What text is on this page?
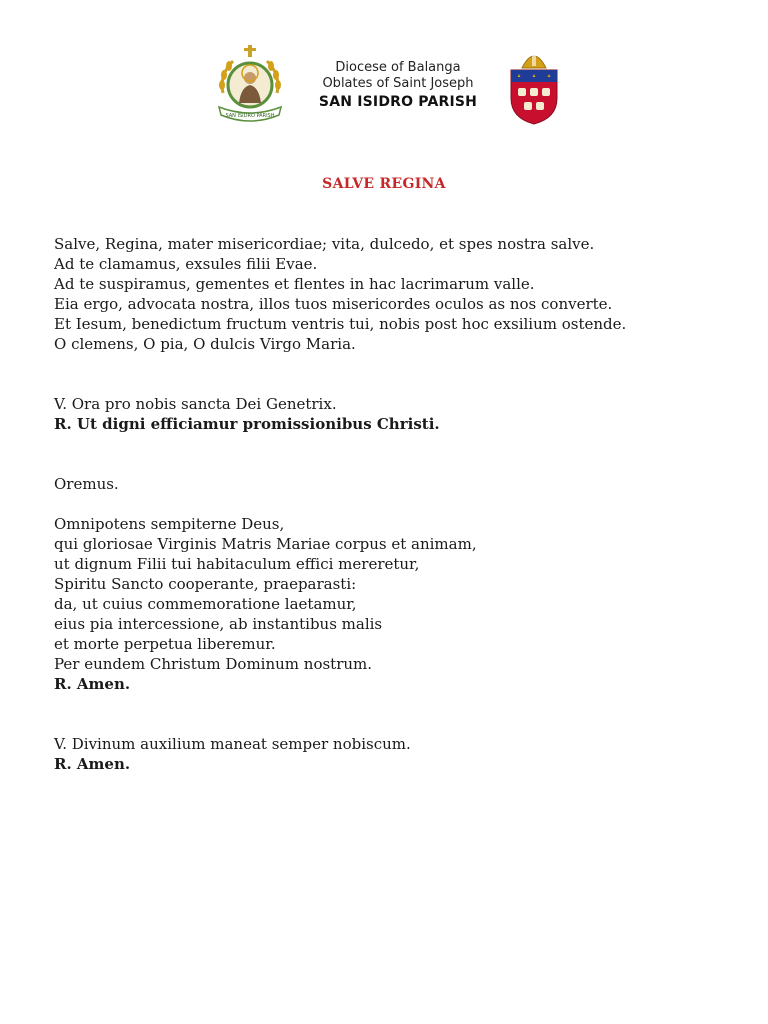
SAN ISIDRO PARISH
Diocese of Balanga
Oblates of Saint Joseph
SAN ISIDRO PARISH
SALVE REGINA
Salve, Regina, mater misericordiae; vita, dulcedo, et spes nostra salve.
Ad te clamamus, exsules filii Evae.
Ad te suspiramus, gementes et flentes in hac lacrimarum valle.
Eia ergo, advocata nostra, illos tuos misericordes oculos as nos converte.
Et Iesum, benedictum fructum ventris tui, nobis post hoc exsilium ostende.
O clemens, O pia, O dulcis Virgo Maria.
V. Ora pro nobis sancta Dei Genetrix.
R. Ut digni efficiamur promissionibus Christi.
Oremus.
Omnipotens sempiterne Deus,
qui gloriosae Virginis Matris Mariae corpus et animam,
ut dignum Filii tui habitaculum effici mereretur,
Spiritu Sancto cooperante, praeparasti:
da, ut cuius commemoratione laetamur,
eius pia intercessione, ab instantibus malis
et morte perpetua liberemur.
Per eundem Christum Dominum nostrum.
R. Amen.
V. Divinum auxilium maneat semper nobiscum.
R. Amen.
